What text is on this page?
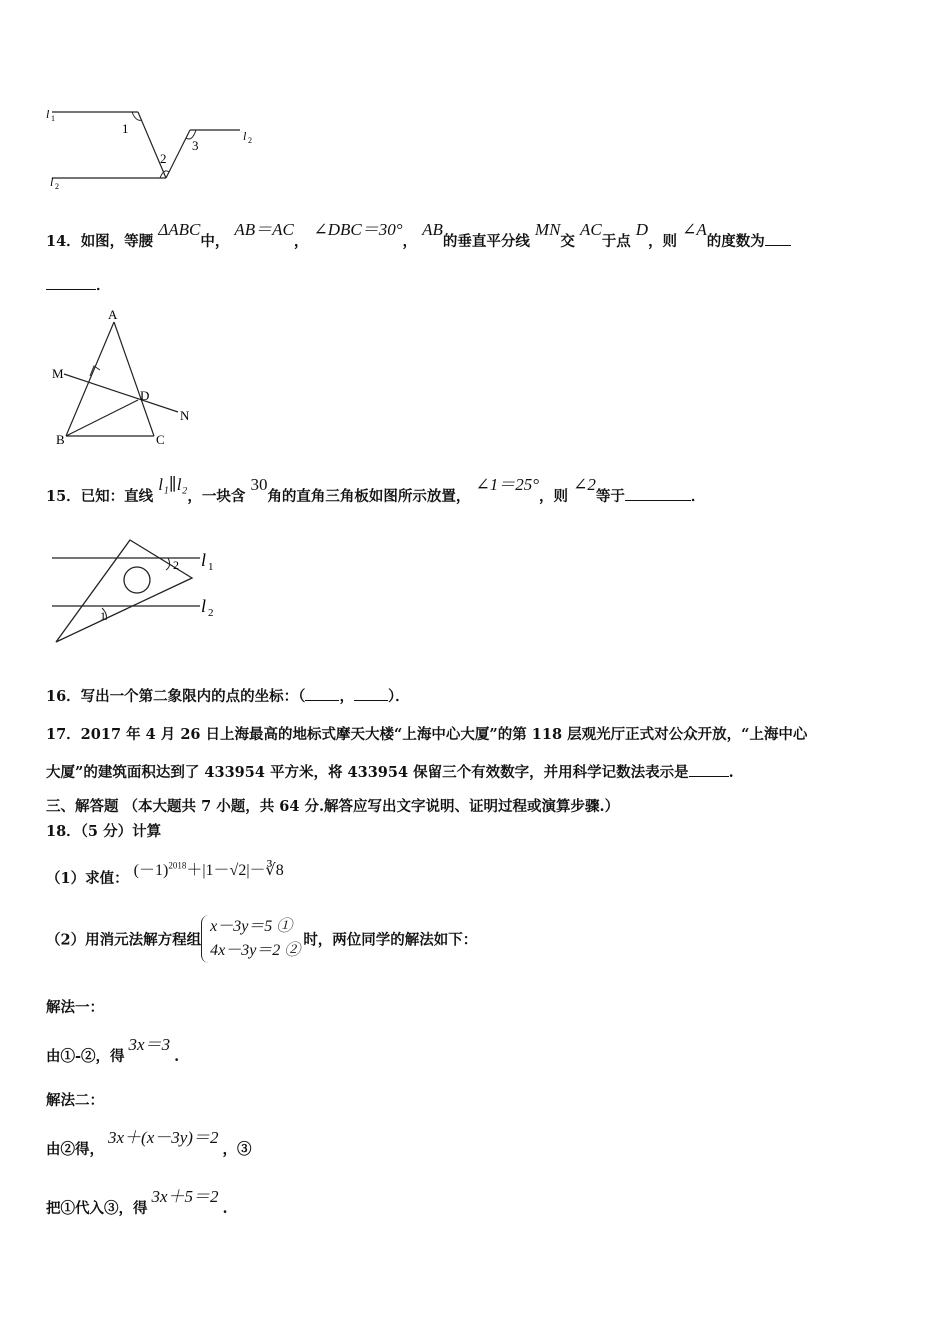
l 1
l 2
l 2
1
2
3
14．如图，等腰 ΔABC中， AB＝AC， ∠DBC＝30°， AB的垂直平分线 MN交 AC于点 D，则 ∠A的度数为
．
A
B	C
D
M
N
15．已知：直线 l₁∥l₂，一块含 30角的直角三角板如图所示放置， ∠1＝25°，则 ∠2等于	．
1
2 l 1
l 2
16．写出一个第二象限内的点的坐标：（ ， ）．
17．2017 年 4 月 26 日上海最高的地标式摩天大楼“上海中心大厦”的第 118 层观光厅正式对公众开放，“上海中心
大厦”的建筑面积达到了 433954 平方米，将 433954 保留三个有效数字，并用科学记数法表示是	.
三、解答题 （本大题共 7 小题，共 64 分.解答应写出文字说明、证明过程或演算步骤.）
18．（5 分）计算
（1）求值： $(-1)^{2018}+|1-√2|-∛8$
（2）用消元法解方程组
x－3y＝5 ①
4x－3y＝2 ②
时，两位同学的解法如下：
解法一：
由①-②，得3x＝3.
解法二：
由②得，3x＋(x－3y)＝2，③
把①代入③，得3x＋5＝2.
